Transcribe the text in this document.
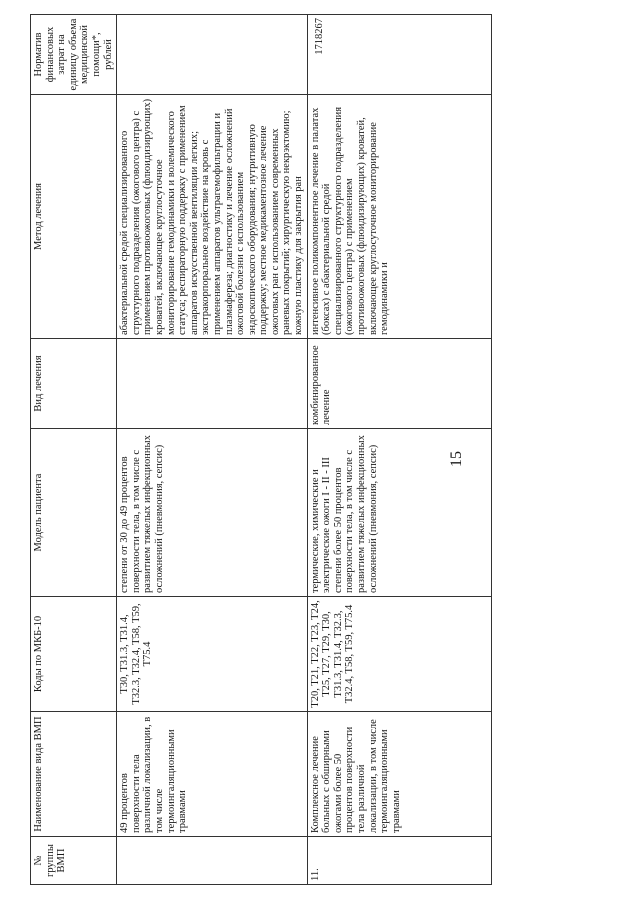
15
№ группы ВМП	Наименование вида ВМП	Коды по МКБ-10	Модель пациента	Вид лечения	Метод лечения	Норматив финансовых затрат на единицу объема медицинской помощи*, рублей
	49 процентов поверхности тела различной локализации, в том числе термоингаляционными травмами	T30, T31.3, T31.4, T32.3, T32.4, T58, T59, T75.4	степени от 30 до 49 процентов поверхности тела, в том числе с развитием тяжелых инфекционных осложнений (пневмония, сепсис)		абактериальной средой специализированного структурного подразделения (ожогового центра) с применением противоожоговых (флюидизирующих) кроватей, включающее круглосуточное мониторирование гемодинамики и волемического статуса; респираторную поддержку с применением аппаратов искусственной вентиляции легких; экстракорпоральное воздействие на кровь с применением аппаратов ультрагемофильтрации и плазмафереза; диагностику и лечение осложнений ожоговой болезни с использованием эндоскопического оборудования; нутритивную поддержку; местное медикаментозное лечение ожоговых ран с использованием современных раневых покрытий; хирургическую некрэктомию; кожную пластику для закрытия ран	
11.	Комплексное лечение больных с обширными ожогами более 50 процентов поверхности тела различной локализации, в том числе термоингаляционными травмами	T20, T21, T22, T23, T24, T25, T27, T29, T30, T31.3, T31.4, T32.3, T32.4, T58, T59, T75.4	термические, химические и электрические ожоги I - II - III степени более 50 процентов поверхности тела, в том числе с развитием тяжелых инфекционных осложнений (пневмония, сепсис)	комбинированное лечение	интенсивное поликомпонентное лечение в палатах (боксах) с абактериальной средой специализированного структурного подразделения (ожогового центра) с применением противоожоговых (флюидизирующих) кроватей, включающее круглосуточное мониторирование гемодинамики и	1718267
